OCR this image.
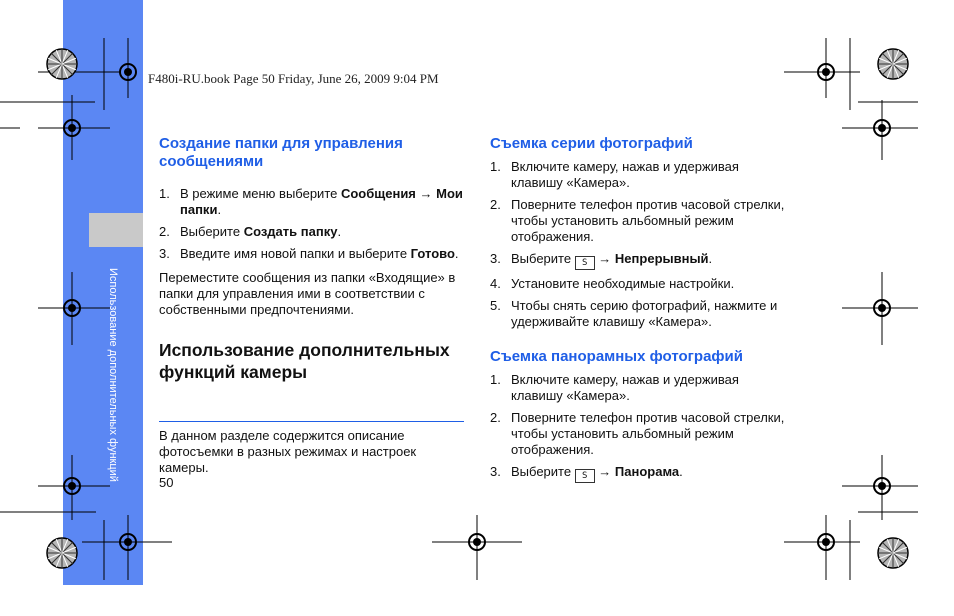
Использование дополнительных функций
F480i-RU.book Page 50 Friday, June 26, 2009 9:04 PM
Создание папки для управления сообщениями
1. В режиме меню выберите Сообщения → Мои папки.
2. Выберите Создать папку.
3. Введите имя новой папки и выберите Готово.
Переместите сообщения из папки «Входящие» в папки для управления ими в соответствии с собственными предпочтениями.
Использование дополнительных функций камеры
В данном разделе содержится описание фотосъемки в разных режимах и настроек камеры.
50
Съемка серии фотографий
1. Включите камеру, нажав и удерживая клавишу «Камера».
2. Поверните телефон против часовой стрелки, чтобы установить альбомный режим отображения.
3. Выберите S → Непрерывный.
4. Установите необходимые настройки.
5. Чтобы снять серию фотографий, нажмите и удерживайте клавишу «Камера».
Съемка панорамных фотографий
1. Включите камеру, нажав и удерживая клавишу «Камера».
2. Поверните телефон против часовой стрелки, чтобы установить альбомный режим отображения.
3. Выберите S → Панорама.
